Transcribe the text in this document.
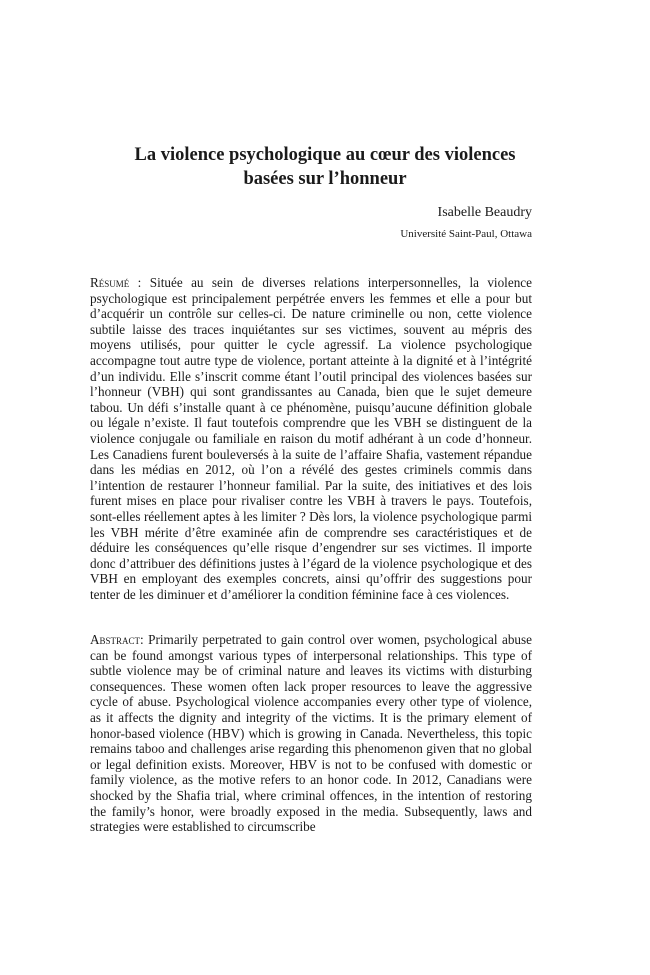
La violence psychologique au cœur des violences
basées sur l’honneur
Isabelle Beaudry
Université Saint-Paul, Ottawa

Résumé : Située au sein de diverses relations interpersonnelles, la violence psychologique est principalement perpétrée envers les femmes et elle a pour but d’acquérir un contrôle sur celles-ci. De nature criminelle ou non, cette violence subtile laisse des traces inquiétantes sur ses victimes, souvent au mépris des moyens utilisés, pour quitter le cycle agressif. La violence psychologique accompagne tout autre type de violence, portant atteinte à la dignité et à l’intégrité d’un individu. Elle s’inscrit comme étant l’outil principal des violences basées sur l’honneur (VBH) qui sont grandissantes au Canada, bien que le sujet demeure tabou. Un défi s’installe quant à ce phénomène, puisqu’aucune définition globale ou légale n’existe. Il faut toutefois comprendre que les VBH se distinguent de la violence conjugale ou familiale en raison du motif adhérant à un code d’honneur. Les Canadiens furent bouleversés à la suite de l’affaire Shafia, vastement répandue dans les médias en 2012, où l’on a révélé des gestes criminels commis dans l’intention de restaurer l’honneur familial. Par la suite, des initiatives et des lois furent mises en place pour rivaliser contre les VBH à travers le pays. Toutefois, sont-elles réellement aptes à les limiter ? Dès lors, la violence psychologique parmi les VBH mérite d’être examinée afin de comprendre ses caractéristiques et de déduire les conséquences qu’elle risque d’engendrer sur ses victimes. Il importe donc d’attribuer des définitions justes à l’égard de la violence psychologique et des VBH en employant des exemples concrets, ainsi qu’offrir des suggestions pour tenter de les diminuer et d’améliorer la condition féminine face à ces violences.

Abstract: Primarily perpetrated to gain control over women, psychological abuse can be found amongst various types of interpersonal relationships. This type of subtle violence may be of criminal nature and leaves its victims with disturbing consequences. These women often lack proper resources to leave the aggressive cycle of abuse. Psychological violence accompanies every other type of violence, as it affects the dignity and integrity of the victims. It is the primary element of honor-based violence (HBV) which is growing in Canada. Nevertheless, this topic remains taboo and challenges arise regarding this phenomenon given that no global or legal definition exists. Moreover, HBV is not to be confused with domestic or family violence, as the motive refers to an honor code. In 2012, Canadians were shocked by the Shafia trial, where criminal offences, in the intention of restoring the family’s honor, were broadly exposed in the media. Subsequently, laws and strategies were established to circumscribe
